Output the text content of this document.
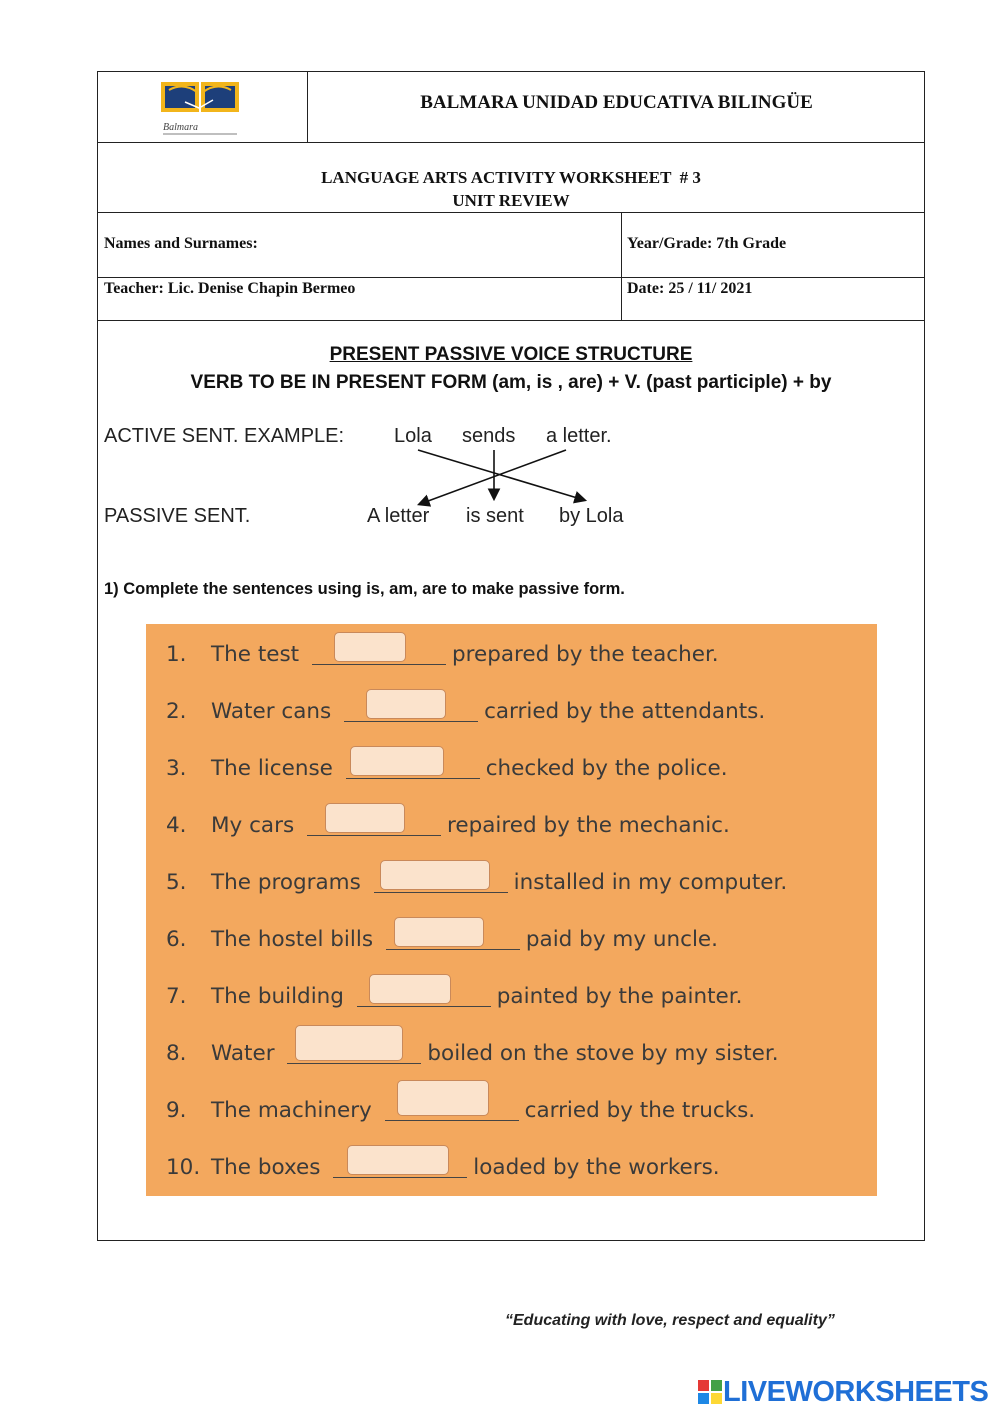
Balmara
BALMARA UNIDAD EDUCATIVA BILINGÜE
LANGUAGE ARTS ACTIVITY WORKSHEET  # 3
UNIT REVIEW
Names and Surnames:	Year/Grade: 7th Grade
Teacher: Lic. Denise Chapin Bermeo	Date: 25 / 11/ 2021
PRESENT PASSIVE VOICE STRUCTURE
VERB TO BE IN PRESENT FORM (am, is , are) + V. (past participle) + by
ACTIVE SENT. EXAMPLE: Lola sends a letter.
PASSIVE SENT.	A letter is sent by Lola
1) Complete the sentences using is, am, are to make passive form.
1. The test	prepared by the teacher.
2. Water cans	carried by the attendants.
3. The license	checked by the police.
4. My cars	repaired by the mechanic.
5. The programs	installed in my computer.
6. The hostel bills	paid by my uncle.
7. The building	painted by the painter.
8. Water	boiled on the stove by my sister.
9. The machinery	carried by the trucks.
10. The boxes	loaded by the workers.
“Educating with love, respect and equality”
LIVEWORKSHEETS
